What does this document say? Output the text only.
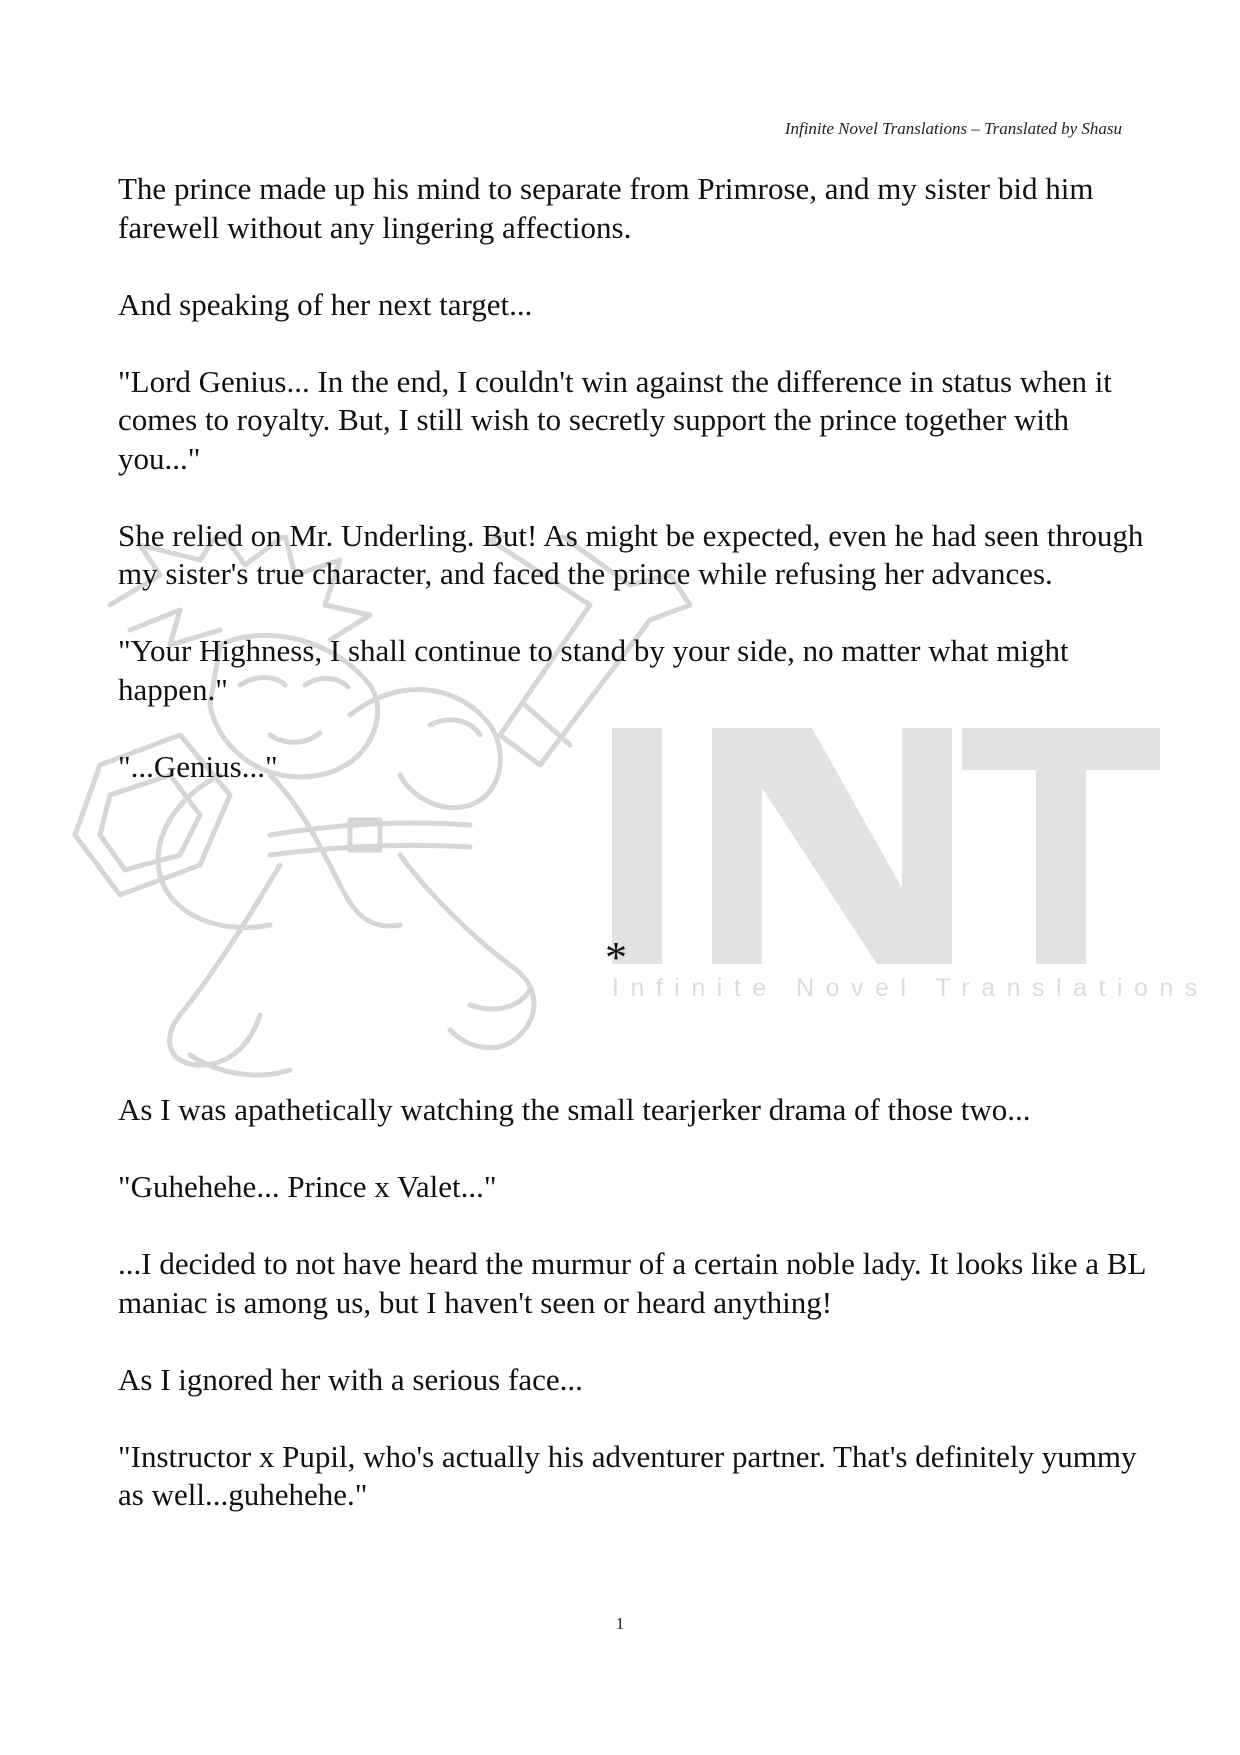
Infinite Novel Translations – Translated by Shasu
Infinite Novel Translations

The prince made up his mind to separate from Primrose, and my sister bid him farewell without any lingering affections.

And speaking of her next target...

"Lord Genius... In the end, I couldn't win against the difference in status when it comes to royalty. But, I still wish to secretly support the prince together with you..."

She relied on Mr. Underling. But! As might be expected, even he had seen through my sister's true character, and faced the prince while refusing her advances.

"Your Highness, I shall continue to stand by your side, no matter what might happen."

"...Genius..."

*

As I was apathetically watching the small tearjerker drama of those two...

"Guhehehe... Prince x Valet..."

...I decided to not have heard the murmur of a certain noble lady. It looks like a BL maniac is among us, but I haven't seen or heard anything!

As I ignored her with a serious face...

"Instructor x Pupil, who's actually his adventurer partner. That's definitely yummy as well...guhehehe."

1
